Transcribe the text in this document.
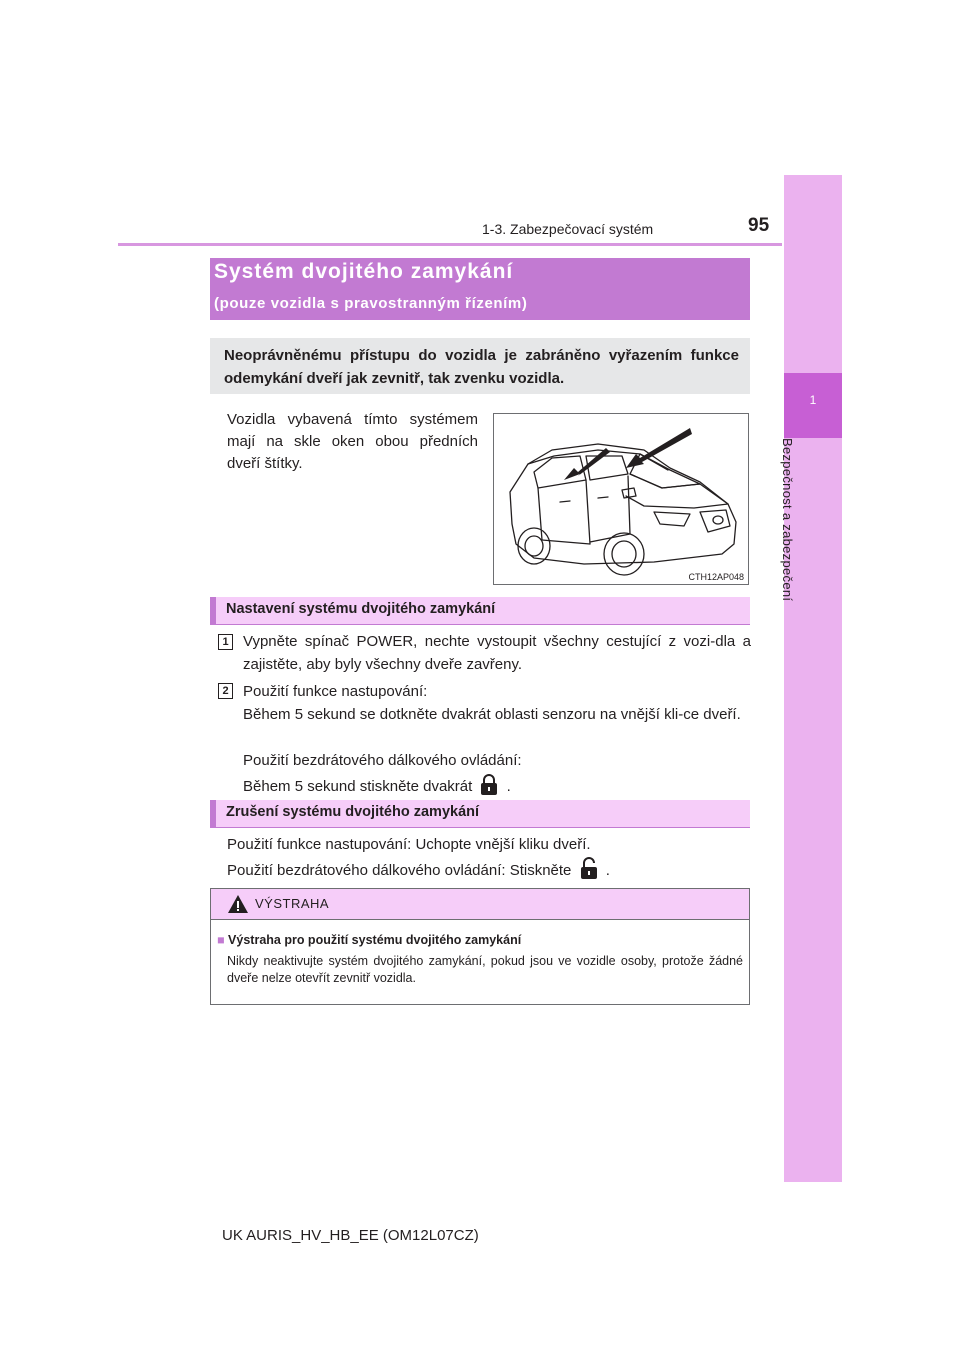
1-3. Zabezpečovací systém	95
1
Bezpečnost a zabezpečení
Systém dvojitého zamykání
(pouze vozidla s pravostranným řízením)

Neoprávněnému přístupu do vozidla je zabráněno vyřazením funkce odemykání dveří jak zevnitř, tak zvenku vozidla.

Vozidla vybavená tímto systémem mají na skle oken obou předních dveří štítky.
CTH12AP048
Nastavení systému dvojitého zamykání
1 Vypněte spínač POWER, nechte vystoupit všechny cestující z vozi-dla a zajistěte, aby byly všechny dveře zavřeny.
2 Použití funkce nastupování:
Během 5 sekund se dotkněte dvakrát oblasti senzoru na vnější kli-ce dveří.
Použití bezdrátového dálkového ovládání:
Během 5 sekund stiskněte dvakrát .
Zrušení systému dvojitého zamykání
Použití funkce nastupování: Uchopte vnější kliku dveří.
Použití bezdrátového dálkového ovládání: Stiskněte .
VÝSTRAHA
■ Výstraha pro použití systému dvojitého zamykání

Nikdy neaktivujte systém dvojitého zamykání, pokud jsou ve vozidle osoby, protože žádné dveře nelze otevřít zevnitř vozidla.

UK AURIS_HV_HB_EE (OM12L07CZ)
